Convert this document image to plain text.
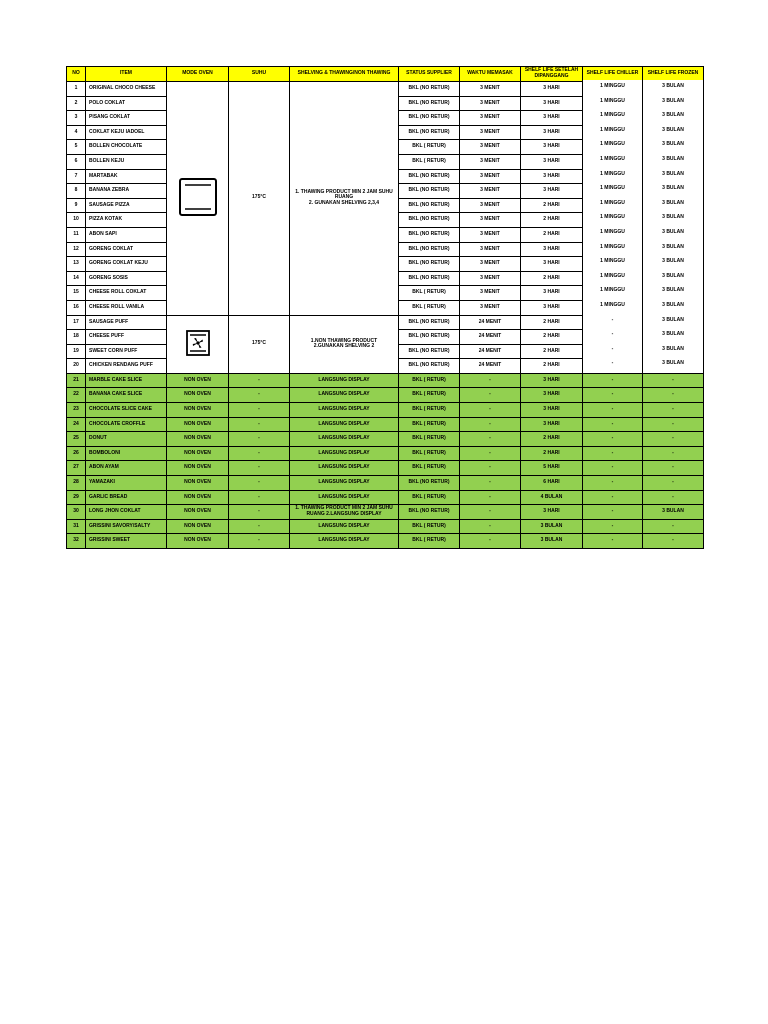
NO	ITEM	MODE OVEN	SUHU	SHELVING & THAWING/NON THAWING	STATUS SUPPLIER	WAKTU MEMASAK	SHELF LIFE SETELAH DIPANGGANG	SHELF LIFE CHILLER	SHELF LIFE FROZEN
1	ORIGINAL CHOCO CHEESE		175°C	1. THAWING PRODUCT MIN 2 JAM SUHU RUANG
2. GUNAKAN SHELVING 2,3,4	BKL (NO RETUR)	3 MENIT	3 HARI	1 MINGGU	3 BULAN
2	POLO COKLAT				BKL (NO RETUR)	3 MENIT	3 HARI	1 MINGGU	3 BULAN
3	PISANG COKLAT				BKL (NO RETUR)	3 MENIT	3 HARI	1 MINGGU	3 BULAN
4	COKLAT KEJU IADOEL				BKL (NO RETUR)	3 MENIT	3 HARI	1 MINGGU	3 BULAN
5	BOLLEN CHOCOLATE				BKL ( RETUR)	3 MENIT	3 HARI	1 MINGGU	3 BULAN
6	BOLLEN KEJU				BKL ( RETUR)	3 MENIT	3 HARI	1 MINGGU	3 BULAN
7	MARTABAK				BKL (NO RETUR)	3 MENIT	3 HARI	1 MINGGU	3 BULAN
8	BANANA ZEBRA				BKL (NO RETUR)	3 MENIT	3 HARI	1 MINGGU	3 BULAN
9	SAUSAGE PIZZA				BKL (NO RETUR)	3 MENIT	2 HARI	1 MINGGU	3 BULAN
10	PIZZA KOTAK				BKL (NO RETUR)	3 MENIT	2 HARI	1 MINGGU	3 BULAN
11	ABON SAPI				BKL (NO RETUR)	3 MENIT	2 HARI	1 MINGGU	3 BULAN
12	GORENG COKLAT				BKL (NO RETUR)	3 MENIT	3 HARI	1 MINGGU	3 BULAN
13	GORENG COKLAT KEJU				BKL (NO RETUR)	3 MENIT	3 HARI	1 MINGGU	3 BULAN
14	GORENG SOSIS				BKL (NO RETUR)	3 MENIT	2 HARI	1 MINGGU	3 BULAN
15	CHEESE ROLL COKLAT				BKL ( RETUR)	3 MENIT	3 HARI	1 MINGGU	3 BULAN
16	CHEESE ROLL VANILA				BKL ( RETUR)	3 MENIT	3 HARI	1 MINGGU	3 BULAN
17	SAUSAGE PUFF		175°C	1.NON THAWING PRODUCT
2.GUNAKAN SHELVING 2	BKL (NO RETUR)	24 MENIT	2 HARI	-	3 BULAN
18	CHEESE PUFF				BKL (NO RETUR)	24 MENIT	2 HARI	-	3 BULAN
19	SWEET CORN PUFF				BKL (NO RETUR)	24 MENIT	2 HARI	-	3 BULAN
20	CHICKEN RENDANG PUFF				BKL (NO RETUR)	24 MENIT	2 HARI	-	3 BULAN
21	MARBLE CAKE SLICE	NON OVEN	-	LANGSUNG DISPLAY	BKL ( RETUR)	-	3 HARI	-	-
22	BANANA CAKE SLICE	NON OVEN	-	LANGSUNG DISPLAY	BKL ( RETUR)	-	3 HARI	-	-
23	CHOCOLATE SLICE CAKE	NON OVEN	-	LANGSUNG DISPLAY	BKL ( RETUR)	-	3 HARI	-	-
24	CHOCOLATE CROFFLE	NON OVEN	-	LANGSUNG DISPLAY	BKL ( RETUR)	-	3 HARI	-	-
25	DONUT	NON OVEN	-	LANGSUNG DISPLAY	BKL ( RETUR)	-	2 HARI	-	-
26	BOMBOLONI	NON OVEN	-	LANGSUNG DISPLAY	BKL ( RETUR)	-	2 HARI	-	-
27	ABON AYAM	NON OVEN	-	LANGSUNG DISPLAY	BKL ( RETUR)	-	5 HARI	-	-
28	YAMAZAKI	NON OVEN	-	LANGSUNG DISPLAY	BKL (NO RETUR)	-	6 HARI	-	-
29	GARLIC BREAD	NON OVEN	-	LANGSUNG DISPLAY	BKL ( RETUR)	-	4 BULAN	-	-
30	LONG JHON COKLAT	NON OVEN	-	1. THAWING PRODUCT MIN 2 JAM SUHU RUANG 2.LANGSUNG DISPLAY	BKL (NO RETUR)	-	3 HARI	-	3 BULAN
31	GRISSINI SAVORY/SALTY	NON OVEN	-	LANGSUNG DISPLAY	BKL ( RETUR)	-	3 BULAN	-	-
32	GRISSINI SWEET	NON OVEN	-	LANGSUNG DISPLAY	BKL ( RETUR)	-	3 BULAN	-	-
